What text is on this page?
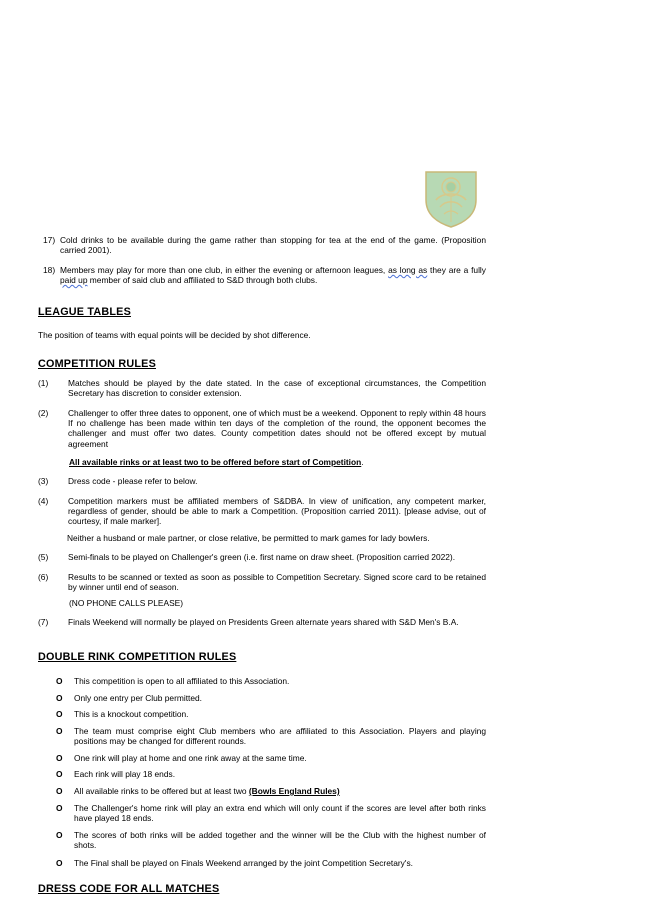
17) Cold drinks to be available during the game rather than stopping for tea at the end of the game. (Proposition carried 2001).
18) Members may play for more than one club, in either the evening or afternoon leagues, as long as they are a fully paid up member of said club and affiliated to S&D through both clubs.
LEAGUE TABLES
The position of teams with equal points will be decided by shot difference.
COMPETITION RULES
(1) Matches should be played by the date stated. In the case of exceptional circumstances, the Competition Secretary has discretion to consider extension.
(2) Challenger to offer three dates to opponent, one of which must be a weekend. Opponent to reply within 48 hours If no challenge has been made within ten days of the completion of the round, the opponent becomes the challenger and must offer two dates. County competition dates should not be offered except by mutual agreement
All available rinks or at least two to be offered before start of Competition.
(3) Dress code - please refer to below.
(4) Competition markers must be affiliated members of S&DBA. In view of unification, any competent marker, regardless of gender, should be able to mark a Competition. (Proposition carried 2011). [please advise, out of courtesy, if male marker].
Neither a husband or male partner, or close relative, be permitted to mark games for lady bowlers.
(5) Semi-finals to be played on Challenger's green (i.e. first name on draw sheet. (Proposition carried 2022).
(6) Results to be scanned or texted as soon as possible to Competition Secretary. Signed score card to be retained by winner until end of season.
(NO PHONE CALLS PLEASE)
(7) Finals Weekend will normally be played on Presidents Green alternate years shared with S&D Men's B.A.
DOUBLE RINK COMPETITION RULES
O This competition is open to all affiliated to this Association.
O Only one entry per Club permitted.
O This is a knockout competition.
O The team must comprise eight Club members who are affiliated to this Association. Players and playing positions may be changed for different rounds.
O One rink will play at home and one rink away at the same time.
O Each rink will play 18 ends.
O All available rinks to be offered but at least two (Bowls England Rules)
O The Challenger's home rink will play an extra end which will only count if the scores are level after both rinks have played 18 ends.
O The scores of both rinks will be added together and the winner will be the Club with the highest number of shots.
O The Final shall be played on Finals Weekend arranged by the joint Competition Secretary's.
DRESS CODE FOR ALL MATCHES
